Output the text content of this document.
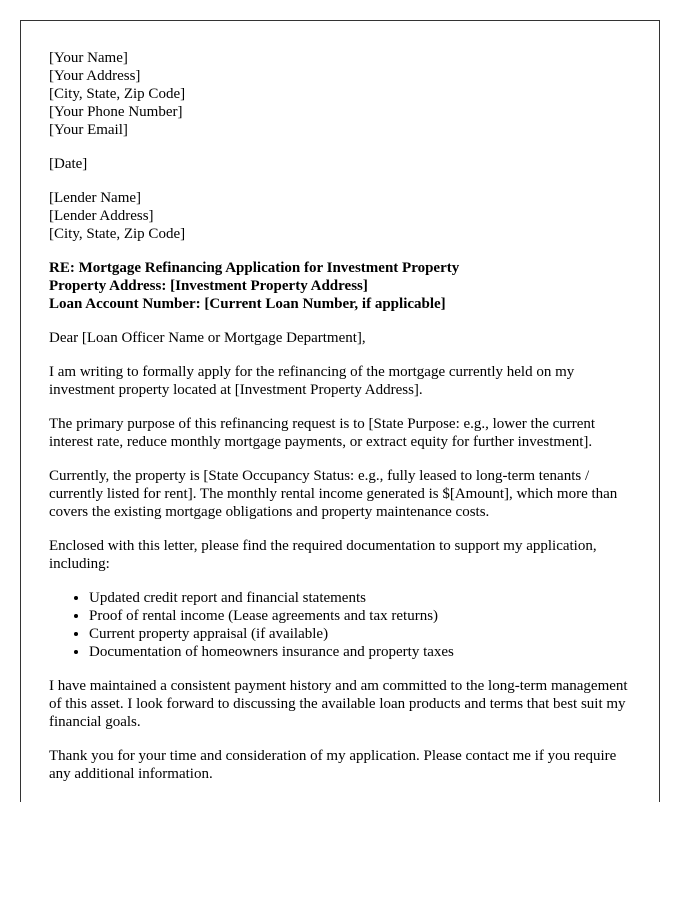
[Your Name]
[Your Address]
[City, State, Zip Code]
[Your Phone Number]
[Your Email]
[Date]
[Lender Name]
[Lender Address]
[City, State, Zip Code]
RE: Mortgage Refinancing Application for Investment Property
Property Address: [Investment Property Address]
Loan Account Number: [Current Loan Number, if applicable]

Dear [Loan Officer Name or Mortgage Department],

I am writing to formally apply for the refinancing of the mortgage currently held on my investment property located at [Investment Property Address].

The primary purpose of this refinancing request is to [State Purpose: e.g., lower the current interest rate, reduce monthly mortgage payments, or extract equity for further investment].

Currently, the property is [State Occupancy Status: e.g., fully leased to long-term tenants / currently listed for rent]. The monthly rental income generated is $[Amount], which more than covers the existing mortgage obligations and property maintenance costs.

Enclosed with this letter, please find the required documentation to support my application, including:

• Updated credit report and financial statements
• Proof of rental income (Lease agreements and tax returns)
• Current property appraisal (if available)
• Documentation of homeowners insurance and property taxes

I have maintained a consistent payment history and am committed to the long-term management of this asset. I look forward to discussing the available loan products and terms that best suit my financial goals.

Thank you for your time and consideration of my application. Please contact me if you require any additional information.
